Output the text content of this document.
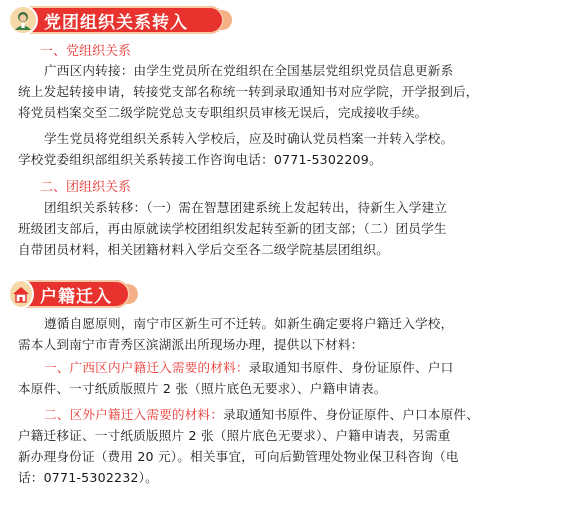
党团组织关系转入
一、党组织关系
广西区内转接：由学生党员所在党组织在全国基层党组织党员信息更新系
统上发起转接申请，转接党支部名称统一转到录取通知书对应学院，开学报到后，
将党员档案交至二级学院党总支专职组织员审核无误后，完成接收手续。
学生党员将党组织关系转入学校后，应及时确认党员档案一并转入学校。
学校党委组织部组织关系转接工作咨询电话：0771-5302209。
二、团组织关系
团组织关系转移：（一）需在智慧团建系统上发起转出，待新生入学建立
班级团支部后，再由原就读学校团组织发起转至新的团支部；（二）团员学生
自带团员材料，相关团籍材料入学后交至各二级学院基层团组织。
户籍迁入
遵循自愿原则，南宁市区新生可不迁转。如新生确定要将户籍迁入学校，
需本人到南宁市青秀区滨湖派出所现场办理，提供以下材料：
一、广西区内户籍迁入需要的材料：录取通知书原件、身份证原件、户口
本原件、一寸纸质版照片 2 张（照片底色无要求）、户籍申请表。
二、区外户籍迁入需要的材料：录取通知书原件、身份证原件、户口本原件、
户籍迁移证、一寸纸质版照片 2 张（照片底色无要求）、户籍申请表，另需重
新办理身份证（费用 20 元）。相关事宜，可向后勤管理处物业保卫科咨询（电
话：0771-5302232）。
